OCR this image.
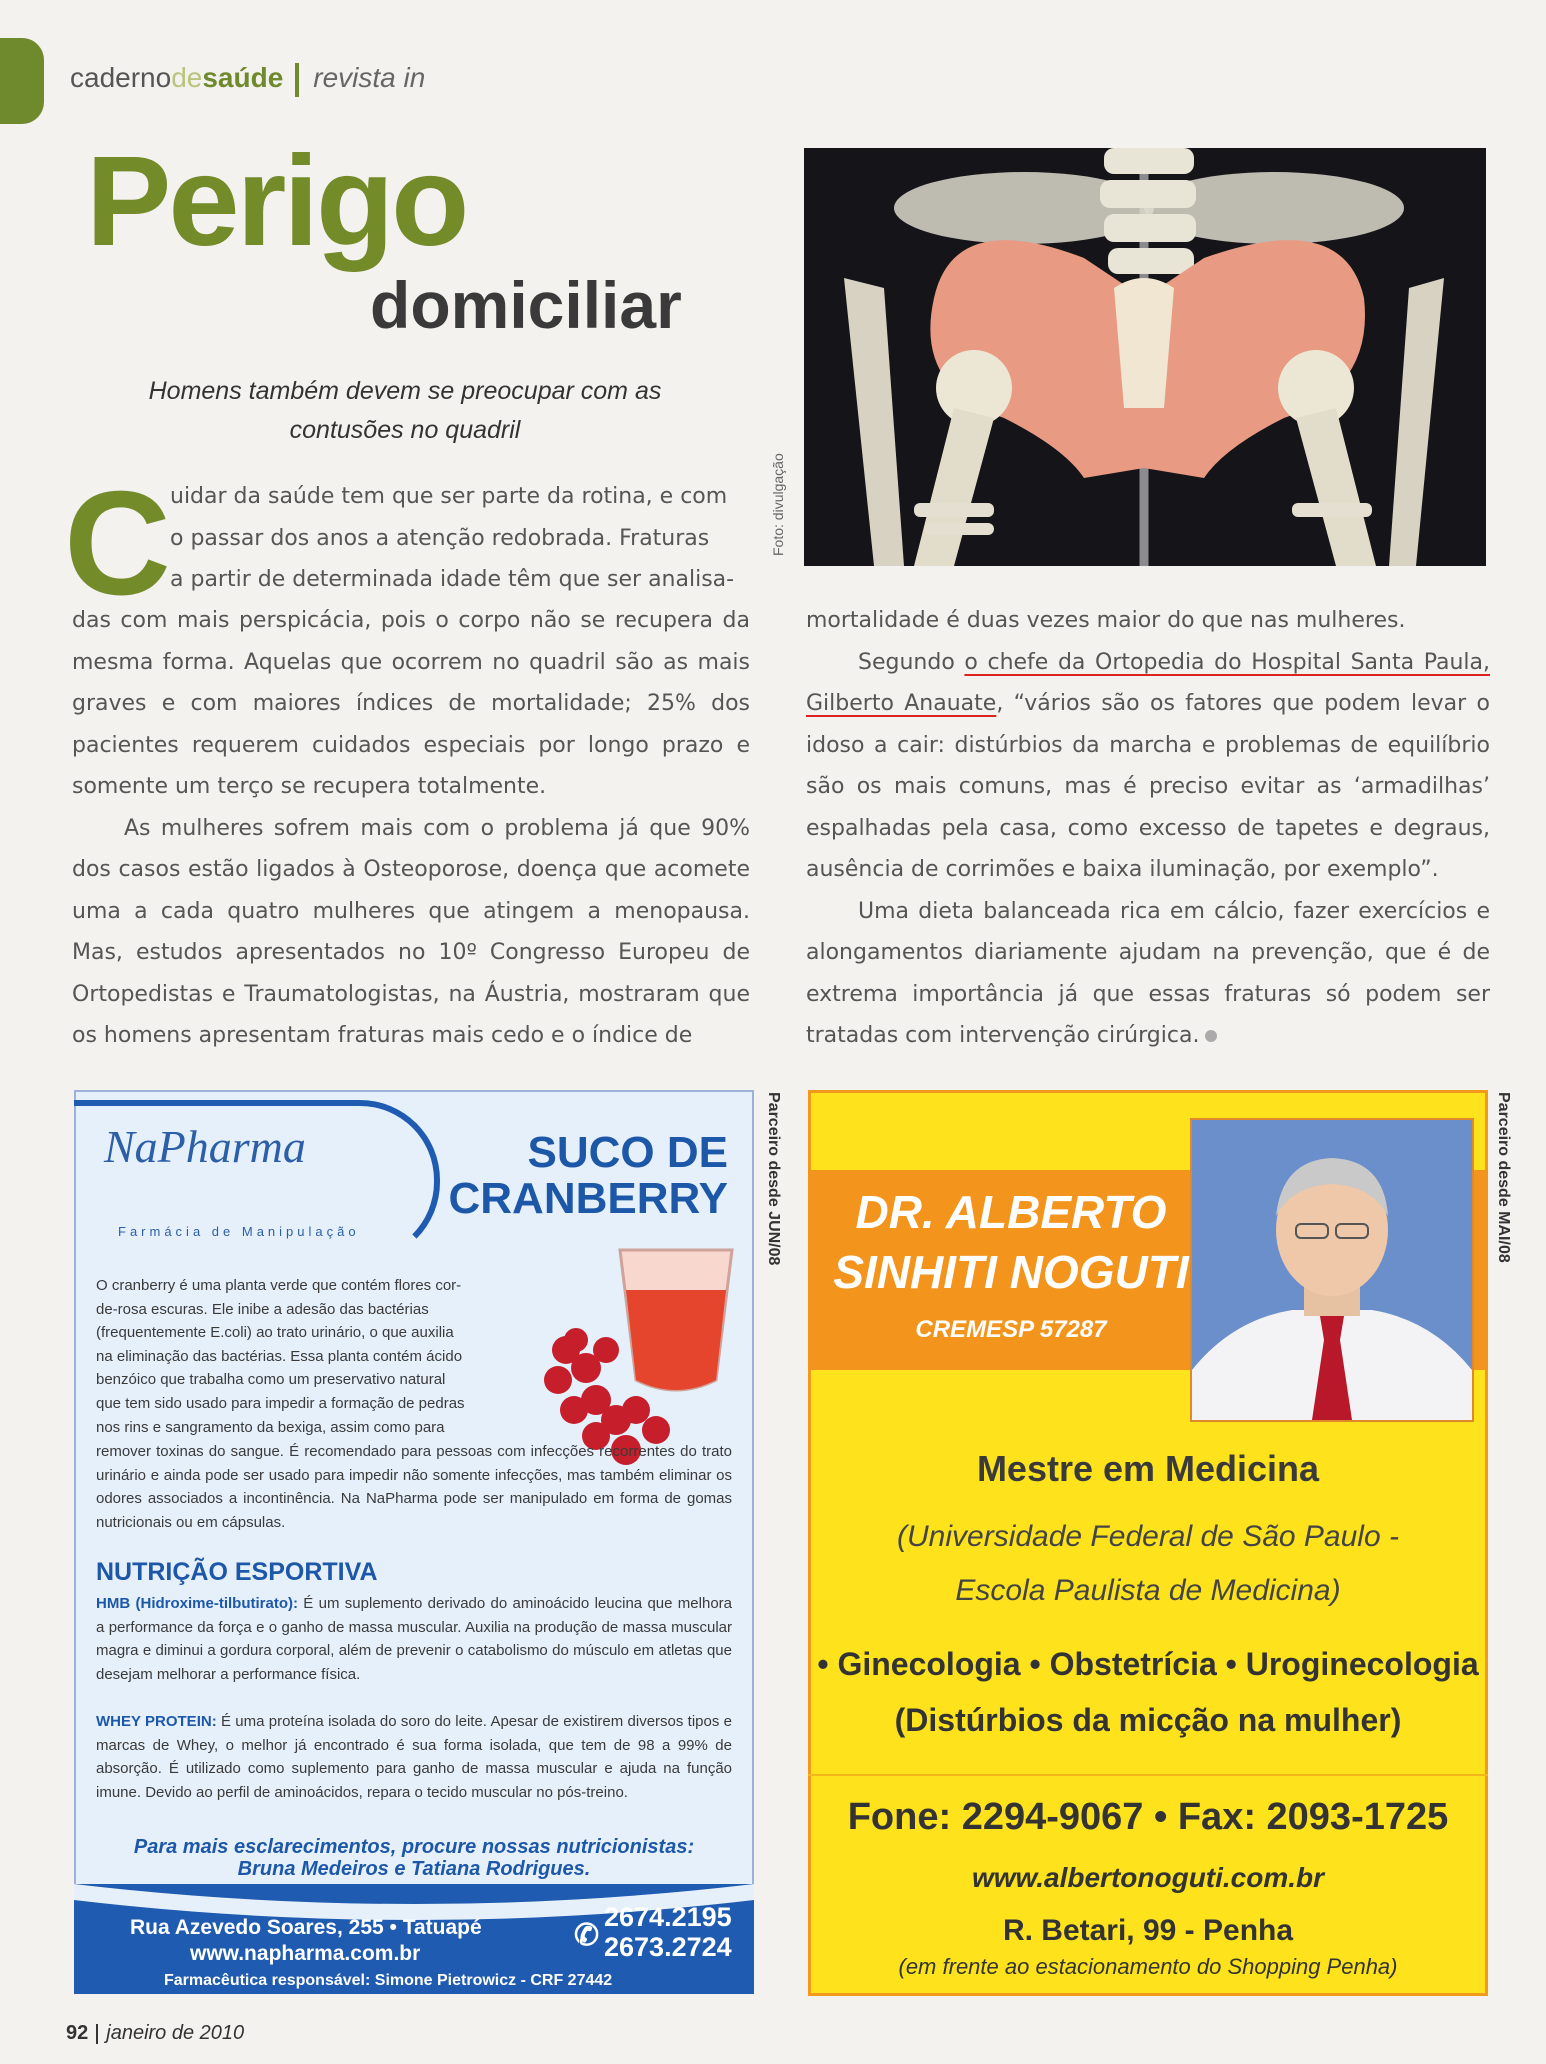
cadernodesaúde revista in
Perigo
domiciliar
Homens também devem se preocupar com as contusões no quadril
Foto: divulgação
C uidar da saúde tem que ser parte da rotina, e com
o passar dos anos a atenção redobrada. Fraturas
a partir de determinada idade têm que ser analisa-

das com mais perspicácia, pois o corpo não se recupera da mesma forma. Aquelas que ocorrem no quadril são as mais graves e com maiores índices de mortalidade; 25% dos pacientes requerem cuidados especiais por longo prazo e somente um terço se recupera totalmente.

As mulheres sofrem mais com o problema já que 90% dos casos estão ligados à Osteoporose, doença que acomete uma a cada quatro mulheres que atingem a menopausa. Mas, estudos apresentados no 10º Congresso Europeu de Ortopedistas e Traumatologistas, na Áustria, mostraram que os homens apresentam fraturas mais cedo e o índice de

mortalidade é duas vezes maior do que nas mulheres.

Segundo o chefe da Ortopedia do Hospital Santa Paula, Gilberto Anauate, “vários são os fatores que podem levar o idoso a cair: distúrbios da marcha e problemas de equilíbrio são os mais comuns, mas é preciso evitar as ‘armadilhas’ espalhadas pela casa, como excesso de tapetes e degraus, ausência de corrimões e baixa iluminação, por exemplo”.

Uma dieta balanceada rica em cálcio, fazer exercícios e alongamentos diariamente ajudam na prevenção, que é de extrema importância já que essas fraturas só podem ser tratadas com intervenção cirúrgica.

NaPharma
Farmácia de Manipulação
SUCO DE
CRANBERRY
O cranberry é uma planta verde que contém flores cor-
de-rosa escuras. Ele inibe a adesão das bactérias
(frequentemente E.coli) ao trato urinário, o que auxilia
na eliminação das bactérias. Essa planta contém ácido
benzóico que trabalha como um preservativo natural
que tem sido usado para impedir a formação de pedras
nos rins e sangramento da bexiga, assim como para
remover toxinas do sangue. É recomendado para pessoas com infecções recorrentes do trato urinário e ainda pode ser usado para impedir não somente infecções, mas também eliminar os odores associados a incontinência. Na NaPharma pode ser manipulado em forma de gomas nutricionais ou em cápsulas.
NUTRIÇÃO ESPORTIVA
HMB (Hidroxime-tilbutirato): É um suplemento derivado do aminoácido leucina que melhora a performance da força e o ganho de massa muscular. Auxilia na produção de massa muscular magra e diminui a gordura corporal, além de prevenir o catabolismo do músculo em atletas que desejam melhorar a performance física.
WHEY PROTEIN: É uma proteína isolada do soro do leite. Apesar de existirem diversos tipos e marcas de Whey, o melhor já encontrado é sua forma isolada, que tem de 98 a 99% de absorção. É utilizado como suplemento para ganho de massa muscular e ajuda na função imune. Devido ao perfil de aminoácidos, repara o tecido muscular no pós-treino.
Para mais esclarecimentos, procure nossas nutricionistas:
Bruna Medeiros e Tatiana Rodrigues.
Rua Azevedo Soares, 255 • Tatuapé
www.napharma.com.br
✆
2674.2195
2673.2724
Farmacêutica responsável: Simone Pietrowicz - CRF 27442
Parceiro desde JUN/08	DR. ALBERTO
SINHITI NOGUTI
CREMESP 57287
Mestre em Medicina
(Universidade Federal de São Paulo -
Escola Paulista de Medicina)
• Ginecologia • Obstetrícia • Uroginecologia
(Distúrbios da micção na mulher)
Fone: 2294-9067 • Fax: 2093-1725
www.albertonoguti.com.br
R. Betari, 99 - Penha
(em frente ao estacionamento do Shopping Penha)
Parceiro desde MAI/08
92 janeiro de 2010
